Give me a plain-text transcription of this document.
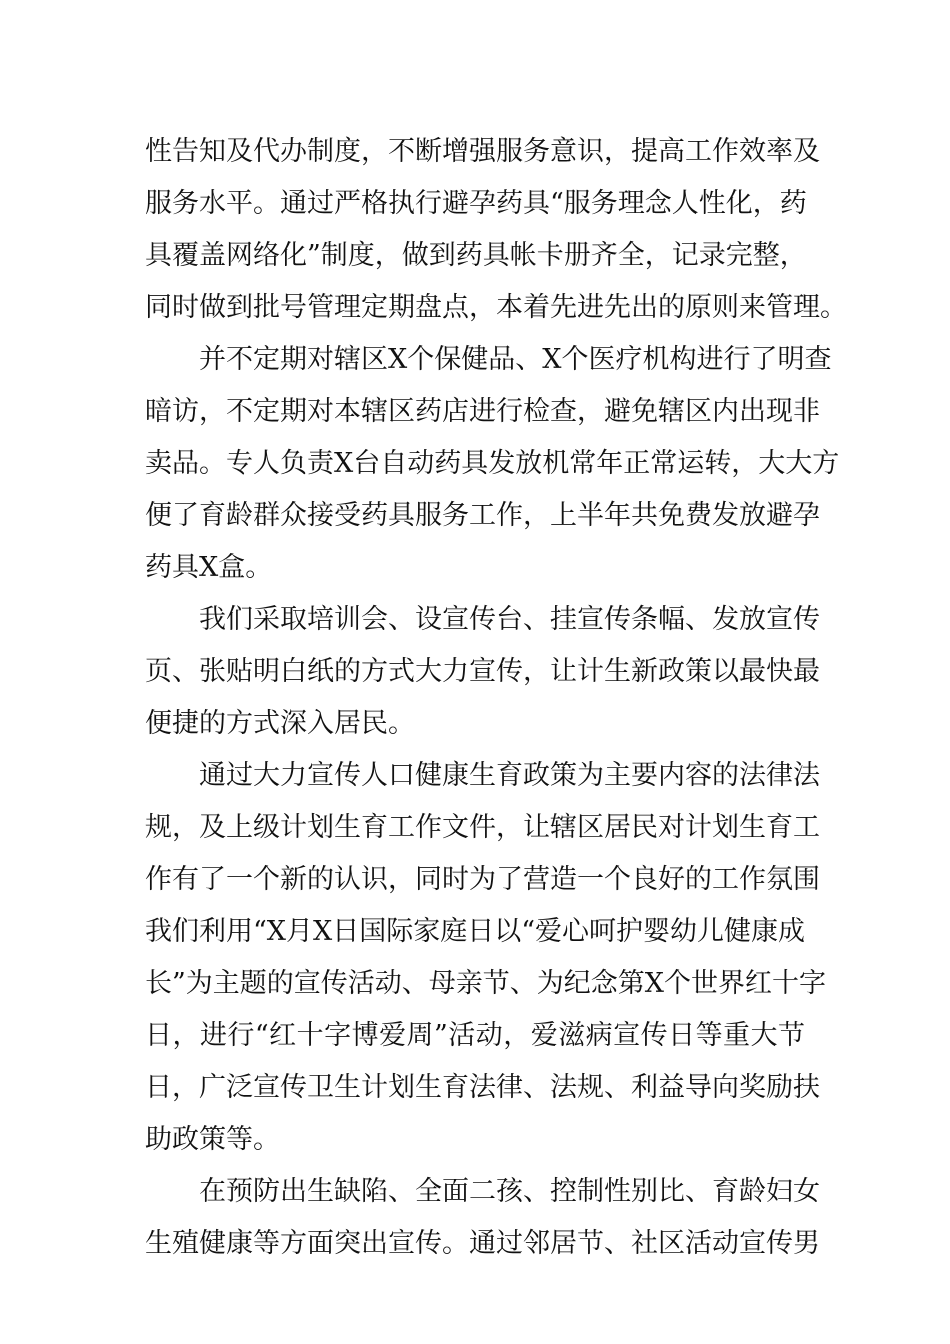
性告知及代办制度，不断增强服务意识，提高工作效率及
服务水平。通过严格执行避孕药具“服务理念人性化，药
具覆盖网络化”制度，做到药具帐卡册齐全，记录完整，
同时做到批号管理定期盘点，本着先进先出的原则来管理。
并不定期对辖区X个保健品、X个医疗机构进行了明查
暗访，不定期对本辖区药店进行检查，避免辖区内出现非
卖品。专人负责X台自动药具发放机常年正常运转，大大方
便了育龄群众接受药具服务工作，上半年共免费发放避孕
药具X盒。
我们采取培训会、设宣传台、挂宣传条幅、发放宣传
页、张贴明白纸的方式大力宣传，让计生新政策以最快最
便捷的方式深入居民。
通过大力宣传人口健康生育政策为主要内容的法律法
规，及上级计划生育工作文件，让辖区居民对计划生育工
作有了一个新的认识，同时为了营造一个良好的工作氛围
我们利用“X月X日国际家庭日以“爱心呵护婴幼儿健康成
长”为主题的宣传活动、母亲节、为纪念第X个世界红十字
日，进行“红十字博爱周”活动，爱滋病宣传日等重大节
日，广泛宣传卫生计划生育法律、法规、利益导向奖励扶
助政策等。
在预防出生缺陷、全面二孩、控制性别比、育龄妇女
生殖健康等方面突出宣传。通过邻居节、社区活动宣传男
